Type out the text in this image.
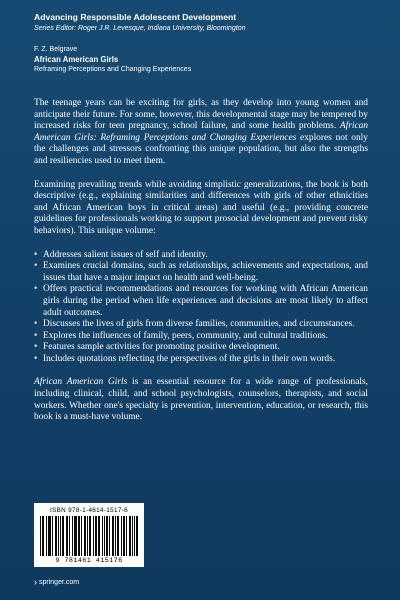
Advancing Responsible Adolescent Development
Series Editor: Roger J.R. Levesque, Indiana University, Bloomington
F. Z. Belgrave
African American Girls
Reframing Perceptions and Changing Experiences

The teenage years can be exciting for girls, as they develop into young women and anticipate their future. For some, however, this developmental stage may be tempered by increased risks for teen pregnancy, school failure, and some health problems. African American Girls: Reframing Perceptions and Changing Experiences explores not only the challenges and stressors confronting this unique population, but also the strengths and resiliencies used to meet them.

Examining prevailing trends while avoiding simplistic generalizations, the book is both descriptive (e.g., explaining similarities and differences with girls of other ethnicities and African American boys in critical areas) and useful (e.g., providing concrete guidelines for professionals working to support prosocial development and prevent risky behaviors). This unique volume:

• Addresses salient issues of self and identity.
• Examines crucial domains, such as relationships, achievements and expectations, and issues that have a major impact on health and well-being.
• Offers practical recommendations and resources for working with African American girls during the period when life experiences and decisions are most likely to affect adult outcomes.
• Discusses the lives of girls from diverse families, communities, and circumstances.
• Explores the influences of family, peers, community, and cultural traditions.
• Features sample activities for promoting positive development.
• Includes quotations reflecting the perspectives of the girls in their own words.

African American Girls is an essential resource for a wide range of professionals, including clinical, child, and school psychologists, counselors, therapists, and social workers. Whether one's specialty is prevention, intervention, education, or research, this book is a must-have volume.

ISBN 978-1-4614-1517-6
9 781461 415176
› springer.com
